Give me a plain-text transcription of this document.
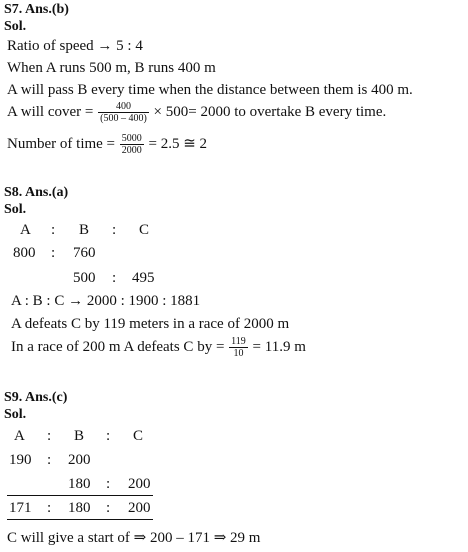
S7. Ans.(b)
Sol.
Ratio of speed → 5 : 4
When A runs 500 m, B runs 400 m
A will pass B every time when the distance between them is 400 m.
A will cover = $\frac{400}{(500 - 400)} \times 500= 2000$ to overtake B every time.
Number of time = $\frac{5000}{2000} = 2.5$ ≅ 2
S8. Ans.(a)
Sol.
A : B : C
800 : 760
500 : 495
A : B : C → 2000 : 1900 : 1881
A defeats C by 119 meters in a race of 2000 m
In a race of 200 m A defeats C by = $\frac{119}{10} = 11.9$ m
S9. Ans.(c)
Sol.
A : B : C
190 : 200
180 : 200
171 : 180 : 200
C will give a start of ⇒ 200 – 171 ⇒ 29 m
